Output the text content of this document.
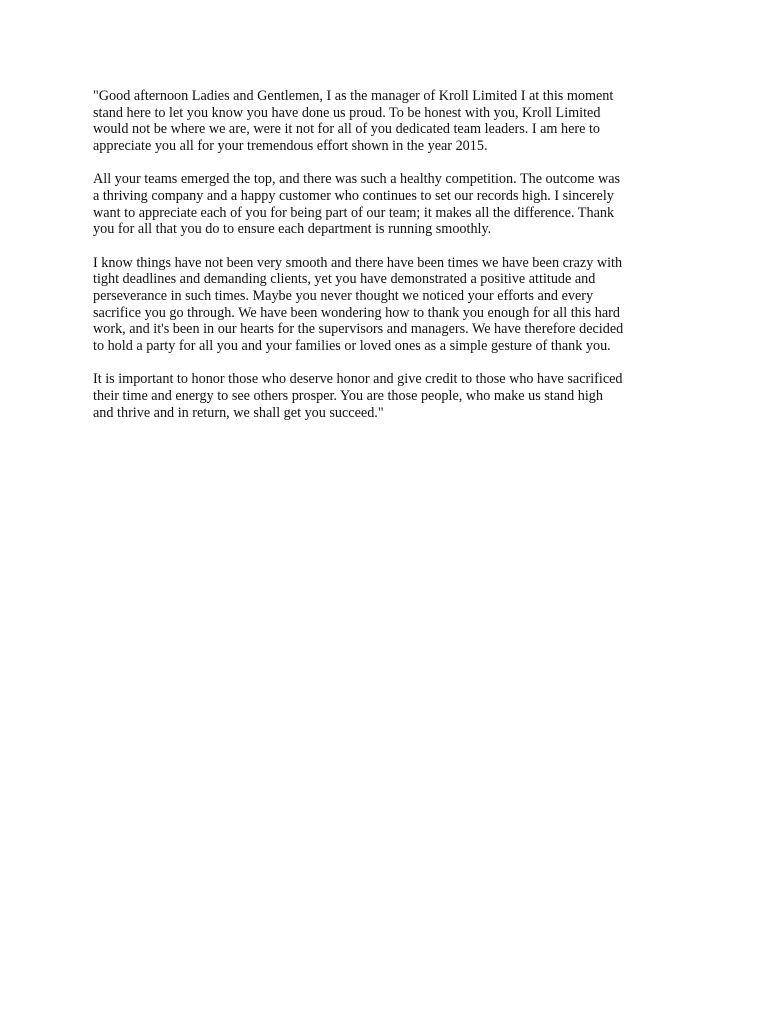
"Good afternoon Ladies and Gentlemen, I as the manager of Kroll Limited I at this moment
stand here to let you know you have done us proud. To be honest with you, Kroll Limited
would not be where we are, were it not for all of you dedicated team leaders. I am here to
appreciate you all for your tremendous effort shown in the year 2015.

All your teams emerged the top, and there was such a healthy competition. The outcome was
a thriving company and a happy customer who continues to set our records high. I sincerely
want to appreciate each of you for being part of our team; it makes all the difference. Thank
you for all that you do to ensure each department is running smoothly.

I know things have not been very smooth and there have been times we have been crazy with
tight deadlines and demanding clients, yet you have demonstrated a positive attitude and
perseverance in such times. Maybe you never thought we noticed your efforts and every
sacrifice you go through. We have been wondering how to thank you enough for all this hard
work, and it's been in our hearts for the supervisors and managers. We have therefore decided
to hold a party for all you and your families or loved ones as a simple gesture of thank you.

It is important to honor those who deserve honor and give credit to those who have sacrificed
their time and energy to see others prosper. You are those people, who make us stand high
and thrive and in return, we shall get you succeed."
